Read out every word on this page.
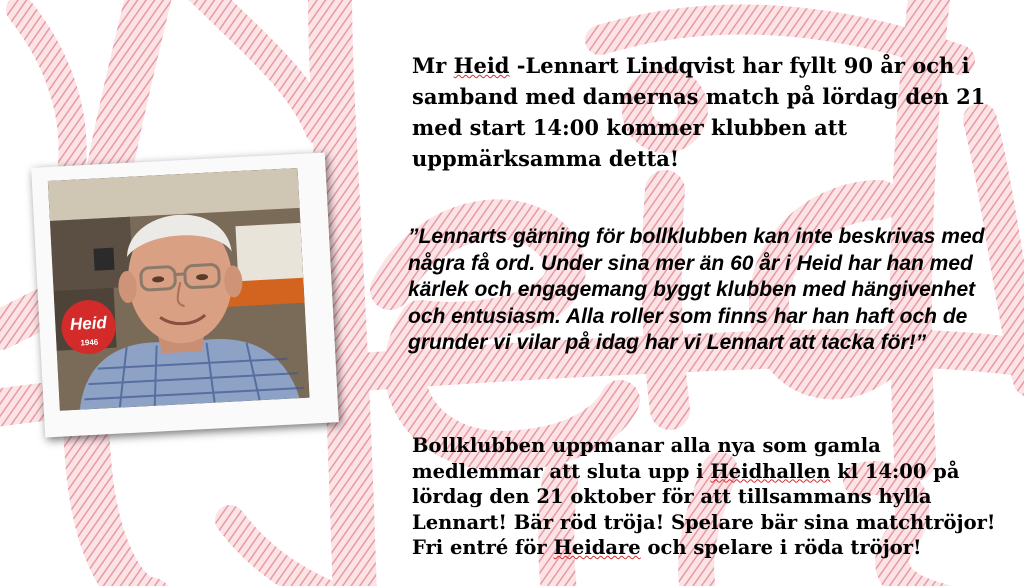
Heid
1946

Mr Heid -Lennart Lindqvist har fyllt 90 år och i samband med damernas match på lördag den 21 med start 14:00 kommer klubben att uppmärksamma detta!

”Lennarts gärning för bollklubben kan inte beskrivas med några få ord. Under sina mer än 60 år i Heid har han med kärlek och engagemang byggt klubben med hängivenhet och entusiasm. Alla roller som finns har han haft och de grunder vi vilar på idag har vi Lennart att tacka för!”

Bollklubben uppmanar alla nya som gamla medlemmar att sluta upp i Heidhallen kl 14:00 på lördag den 21 oktober för att tillsammans hylla Lennart! Bär röd tröja! Spelare bär sina matchtröjor! Fri entré för Heidare och spelare i röda tröjor!
